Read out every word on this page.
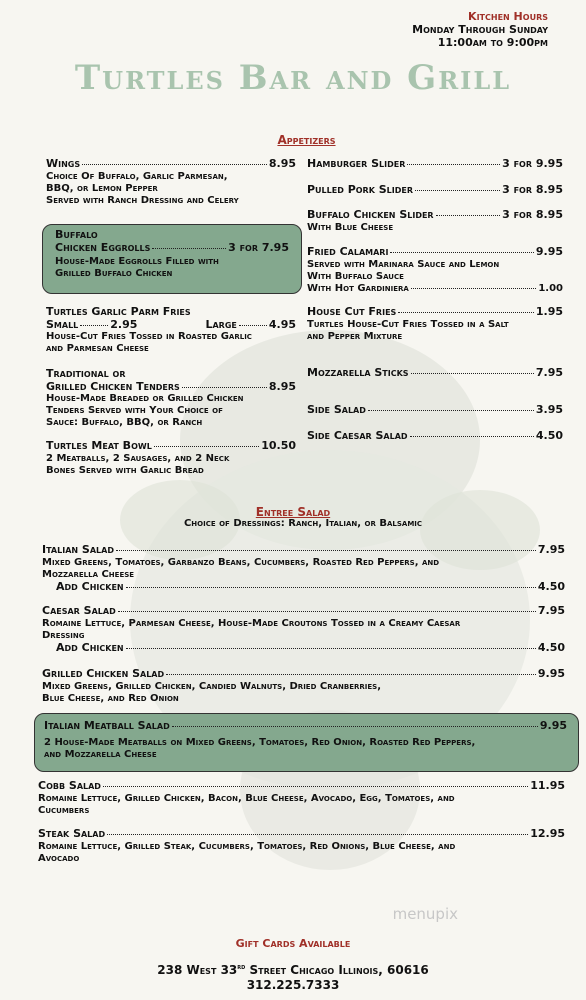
Kitchen Hours
Monday Through Sunday
11:00am to 9:00pm
Turtles Bar and Grill
Appetizers
Wings	8.95
Choice Of Buffalo, Garlic Parmesan,
BBQ, or Lemon Pepper
Served with Ranch Dressing and Celery
Buffalo
Chicken Eggrolls	3 for 7.95
House-Made Eggrolls Filled with
Grilled Buffalo Chicken
Turtles Garlic Parm Fries
Small	2.95	Large	4.95
House-Cut Fries Tossed in Roasted Garlic
and Parmesan Cheese
Traditional or
Grilled Chicken Tenders	8.95
House-Made Breaded or Grilled Chicken
Tenders Served with Your Choice of
Sauce: Buffalo, BBQ, or Ranch
Turtles Meat Bowl	10.50
2 Meatballs, 2 Sausages, and 2 Neck
Bones Served with Garlic Bread
Hamburger Slider	3 for 9.95
Pulled Pork Slider	3 for 8.95
Buffalo Chicken Slider	3 for 8.95
With Blue Cheese
Fried Calamari	9.95
Served with Marinara Sauce and Lemon
With Buffalo Sauce
With Hot Gardiniera	1.00
House Cut Fries	1.95
Turtles House-Cut Fries Tossed in a Salt
and Pepper Mixture
Mozzarella Sticks	7.95
Side Salad	3.95
Side Caesar Salad	4.50
Entree Salad
Choice of Dressings: Ranch, Italian, or Balsamic
Italian Salad	7.95
Mixed Greens, Tomatoes, Garbanzo Beans, Cucumbers, Roasted Red Peppers, and
Mozzarella Cheese
Add Chicken	4.50
Caesar Salad	7.95
Romaine Lettuce, Parmesan Cheese, House-Made Croutons Tossed in a Creamy Caesar
Dressing
Add Chicken	4.50
Grilled Chicken Salad	9.95
Mixed Greens, Grilled Chicken, Candied Walnuts, Dried Cranberries,
Blue Cheese, and Red Onion
Italian Meatball Salad	9.95
2 House-Made Meatballs on Mixed Greens, Tomatoes, Red Onion, Roasted Red Peppers,
and Mozzarella Cheese
Cobb Salad	11.95
Romaine Lettuce, Grilled Chicken, Bacon, Blue Cheese, Avocado, Egg, Tomatoes, and
Cucumbers
Steak Salad	12.95
Romaine Lettuce, Grilled Steak, Cucumbers, Tomatoes, Red Onions, Blue Cheese, and
Avocado
menupix
Gift Cards Available
238 West 33rd Street Chicago Illinois, 60616
312.225.7333
